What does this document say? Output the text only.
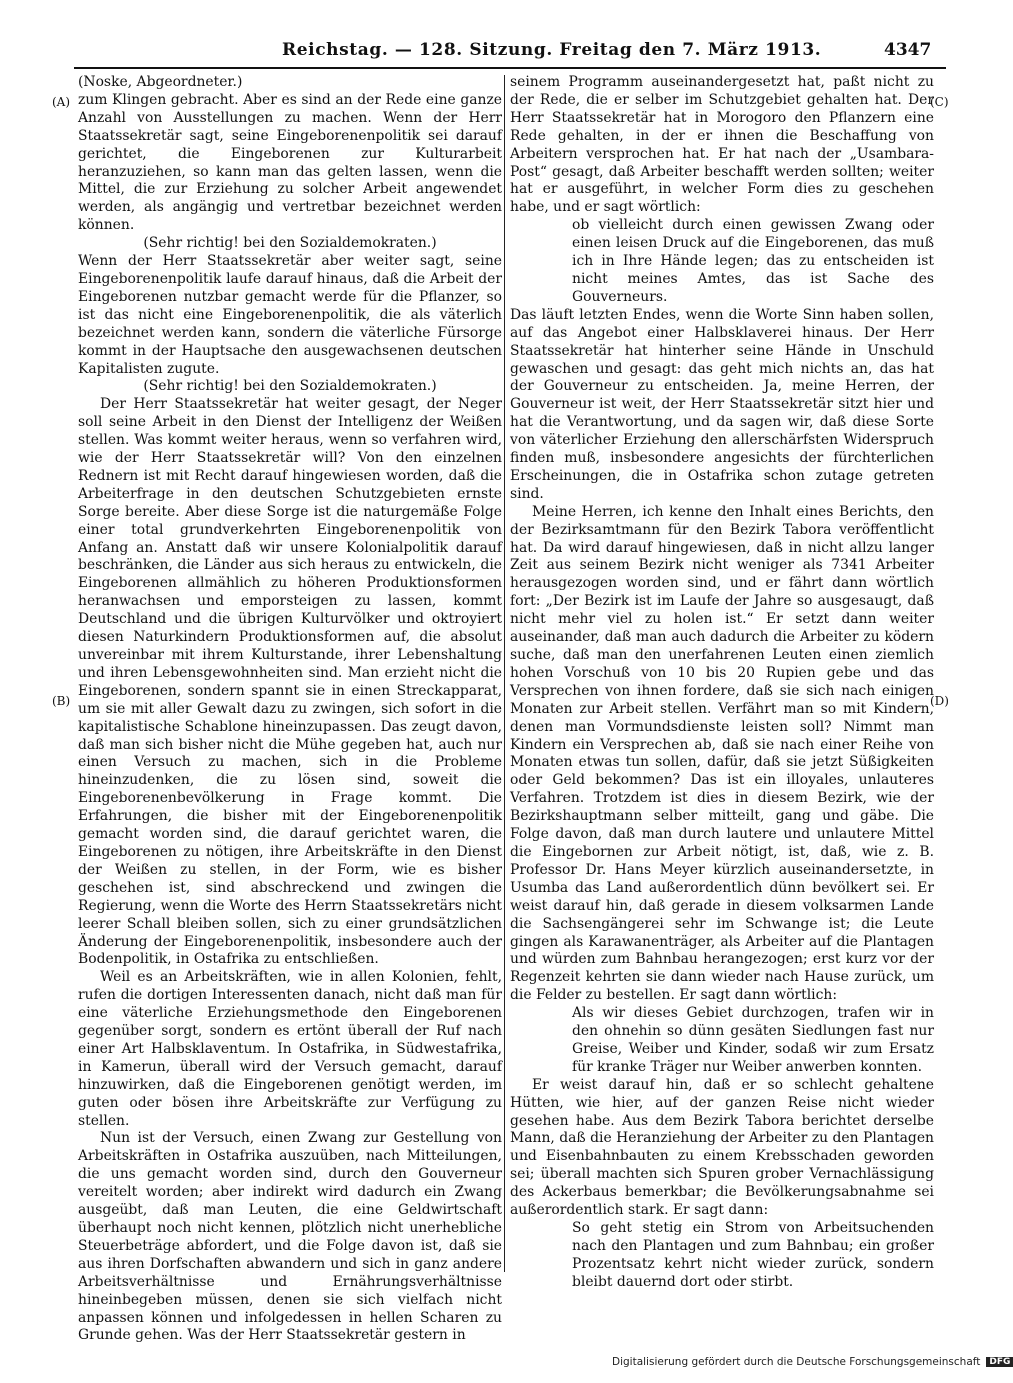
Reichstag. — 128. Sitzung. Freitag den 7. März 1913.	4347
(A)
(B)
(C)
(D)

(Noske, Abgeordneter.)

zum Klingen gebracht. Aber es sind an der Rede eine ganze Anzahl von Ausstellungen zu machen. Wenn der Herr Staatssekretär sagt, seine Eingeborenenpolitik sei darauf gerichtet, die Eingeborenen zur Kulturarbeit heranzuziehen, so kann man das gelten lassen, wenn die Mittel, die zur Erziehung zu solcher Arbeit angewendet werden, als angängig und vertretbar bezeichnet werden können.

(Sehr richtig! bei den Sozialdemokraten.)

Wenn der Herr Staatssekretär aber weiter sagt, seine Eingeborenenpolitik laufe darauf hinaus, daß die Arbeit der Eingeborenen nutzbar gemacht werde für die Pflanzer, so ist das nicht eine Eingeborenenpolitik, die als väterlich bezeichnet werden kann, sondern die väterliche Fürsorge kommt in der Hauptsache den ausgewachsenen deutschen Kapitalisten zugute.

(Sehr richtig! bei den Sozialdemokraten.)

Der Herr Staatssekretär hat weiter gesagt, der Neger soll seine Arbeit in den Dienst der Intelligenz der Weißen stellen. Was kommt weiter heraus, wenn so verfahren wird, wie der Herr Staatssekretär will? Von den einzelnen Rednern ist mit Recht darauf hingewiesen worden, daß die Arbeiterfrage in den deutschen Schutzgebieten ernste Sorge bereite. Aber diese Sorge ist die naturgemäße Folge einer total grundverkehrten Eingeborenenpolitik von Anfang an. Anstatt daß wir unsere Kolonialpolitik darauf beschränken, die Länder aus sich heraus zu entwickeln, die Eingeborenen allmählich zu höheren Produktionsformen heranwachsen und emporsteigen zu lassen, kommt Deutschland und die übrigen Kulturvölker und oktroyiert diesen Naturkindern Produktionsformen auf, die absolut unvereinbar mit ihrem Kulturstande, ihrer Lebenshaltung und ihren Lebensgewohnheiten sind. Man erzieht nicht die Eingeborenen, sondern spannt sie in einen Streckapparat, um sie mit aller Gewalt dazu zu zwingen, sich sofort in die kapitalistische Schablone hineinzupassen. Das zeugt davon, daß man sich bisher nicht die Mühe gegeben hat, auch nur einen Versuch zu machen, sich in die Probleme hineinzudenken, die zu lösen sind, soweit die Eingeborenenbevölkerung in Frage kommt. Die Erfahrungen, die bisher mit der Eingeborenenpolitik gemacht worden sind, die darauf gerichtet waren, die Eingeborenen zu nötigen, ihre Arbeitskräfte in den Dienst der Weißen zu stellen, in der Form, wie es bisher geschehen ist, sind abschreckend und zwingen die Regierung, wenn die Worte des Herrn Staatssekretärs nicht leerer Schall bleiben sollen, sich zu einer grundsätzlichen Änderung der Eingeborenenpolitik, insbesondere auch der Bodenpolitik, in Ostafrika zu entschließen.

Weil es an Arbeitskräften, wie in allen Kolonien, fehlt, rufen die dortigen Interessenten danach, nicht daß man für eine väterliche Erziehungsmethode den Eingeborenen gegenüber sorgt, sondern es ertönt überall der Ruf nach einer Art Halbsklaventum. In Ostafrika, in Südwestafrika, in Kamerun, überall wird der Versuch gemacht, darauf hinzuwirken, daß die Eingeborenen genötigt werden, im guten oder bösen ihre Arbeitskräfte zur Verfügung zu stellen.

Nun ist der Versuch, einen Zwang zur Gestellung von Arbeitskräften in Ostafrika auszuüben, nach Mitteilungen, die uns gemacht worden sind, durch den Gouverneur vereitelt worden; aber indirekt wird dadurch ein Zwang ausgeübt, daß man Leuten, die eine Geldwirtschaft überhaupt noch nicht kennen, plötzlich nicht unerhebliche Steuerbeträge abfordert, und die Folge davon ist, daß sie aus ihren Dorfschaften abwandern und sich in ganz andere Arbeitsverhältnisse und Ernährungsverhältnisse hineinbegeben müssen, denen sie sich vielfach nicht anpassen können und infolgedessen in hellen Scharen zu Grunde gehen. Was der Herr Staatssekretär gestern in

seinem Programm auseinandergesetzt hat, paßt nicht zu der Rede, die er selber im Schutzgebiet gehalten hat. Der Herr Staatssekretär hat in Morogoro den Pflanzern eine Rede gehalten, in der er ihnen die Beschaffung von Arbeitern versprochen hat. Er hat nach der „Usambara-Post“ gesagt, daß Arbeiter beschafft werden sollten; weiter hat er ausgeführt, in welcher Form dies zu geschehen habe, und er sagt wörtlich:

ob vielleicht durch einen gewissen Zwang oder einen leisen Druck auf die Eingeborenen, das muß ich in Ihre Hände legen; das zu entscheiden ist nicht meines Amtes, das ist Sache des Gouverneurs.

Das läuft letzten Endes, wenn die Worte Sinn haben sollen, auf das Angebot einer Halbsklaverei hinaus. Der Herr Staatssekretär hat hinterher seine Hände in Unschuld gewaschen und gesagt: das geht mich nichts an, das hat der Gouverneur zu entscheiden. Ja, meine Herren, der Gouverneur ist weit, der Herr Staatssekretär sitzt hier und hat die Verantwortung, und da sagen wir, daß diese Sorte von väterlicher Erziehung den allerschärfsten Widerspruch finden muß, insbesondere angesichts der fürchterlichen Erscheinungen, die in Ostafrika schon zutage getreten sind.

Meine Herren, ich kenne den Inhalt eines Berichts, den der Bezirksamtmann für den Bezirk Tabora veröffentlicht hat. Da wird darauf hingewiesen, daß in nicht allzu langer Zeit aus seinem Bezirk nicht weniger als 7341 Arbeiter herausgezogen worden sind, und er fährt dann wörtlich fort: „Der Bezirk ist im Laufe der Jahre so ausgesaugt, daß nicht mehr viel zu holen ist.“ Er setzt dann weiter auseinander, daß man auch dadurch die Arbeiter zu ködern suche, daß man den unerfahrenen Leuten einen ziemlich hohen Vorschuß von 10 bis 20 Rupien gebe und das Versprechen von ihnen fordere, daß sie sich nach einigen Monaten zur Arbeit stellen. Verfährt man so mit Kindern, denen man Vormundsdienste leisten soll? Nimmt man Kindern ein Versprechen ab, daß sie nach einer Reihe von Monaten etwas tun sollen, dafür, daß sie jetzt Süßigkeiten oder Geld bekommen? Das ist ein illoyales, unlauteres Verfahren. Trotzdem ist dies in diesem Bezirk, wie der Bezirkshauptmann selber mitteilt, gang und gäbe. Die Folge davon, daß man durch lautere und unlautere Mittel die Eingebornen zur Arbeit nötigt, ist, daß, wie z. B. Professor Dr. Hans Meyer kürzlich auseinandersetzte, in Usumba das Land außerordentlich dünn bevölkert sei. Er weist darauf hin, daß gerade in diesem volksarmen Lande die Sachsengängerei sehr im Schwange ist; die Leute gingen als Karawanenträger, als Arbeiter auf die Plantagen und würden zum Bahnbau herangezogen; erst kurz vor der Regenzeit kehrten sie dann wieder nach Hause zurück, um die Felder zu bestellen. Er sagt dann wörtlich:

Als wir dieses Gebiet durchzogen, trafen wir in den ohnehin so dünn gesäten Siedlungen fast nur Greise, Weiber und Kinder, sodaß wir zum Ersatz für kranke Träger nur Weiber anwerben konnten.

Er weist darauf hin, daß er so schlecht gehaltene Hütten, wie hier, auf der ganzen Reise nicht wieder gesehen habe. Aus dem Bezirk Tabora berichtet derselbe Mann, daß die Heranziehung der Arbeiter zu den Plantagen und Eisenbahnbauten zu einem Krebsschaden geworden sei; überall machten sich Spuren grober Vernachlässigung des Ackerbaus bemerkbar; die Bevölkerungsabnahme sei außerordentlich stark. Er sagt dann:

So geht stetig ein Strom von Arbeitsuchenden nach den Plantagen und zum Bahnbau; ein großer Prozentsatz kehrt nicht wieder zurück, sondern bleibt dauernd dort oder stirbt.

Digitalisierung gefördert durch die Deutsche Forschungsgemeinschaft DFG
